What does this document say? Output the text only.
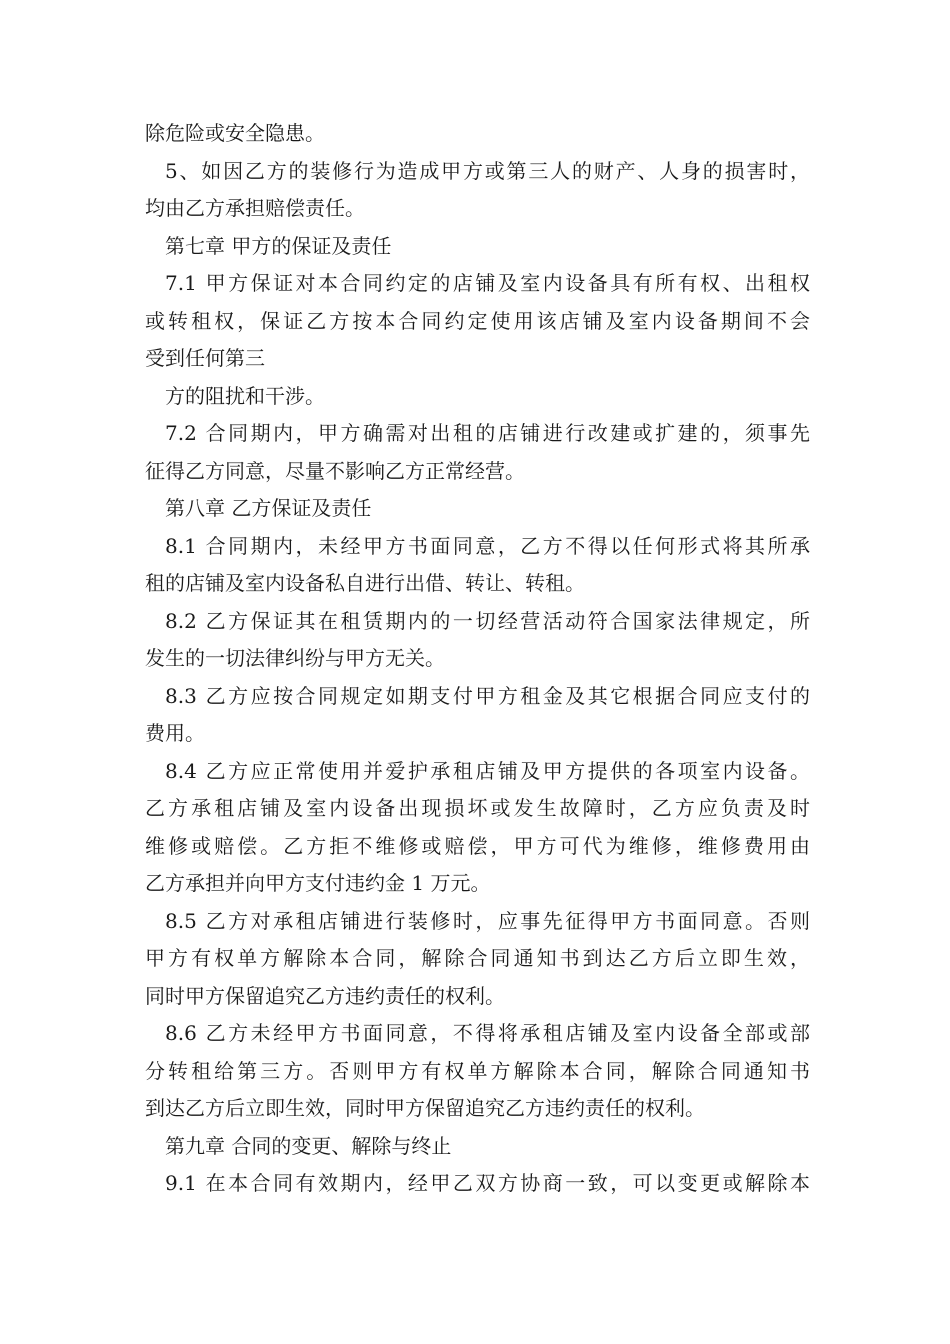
除危险或安全隐患。

5、如因乙方的装修行为造成甲方或第三人的财产、人身的损害时，

均由乙方承担赔偿责任。

第七章 甲方的保证及责任

7.1 甲方保证对本合同约定的店铺及室内设备具有所有权、出租权

或转租权，保证乙方按本合同约定使用该店铺及室内设备期间不会

受到任何第三

方的阻扰和干涉。

7.2 合同期内，甲方确需对出租的店铺进行改建或扩建的，须事先

征得乙方同意，尽量不影响乙方正常经营。

第八章 乙方保证及责任

8.1 合同期内，未经甲方书面同意，乙方不得以任何形式将其所承

租的店铺及室内设备私自进行出借、转让、转租。

8.2 乙方保证其在租赁期内的一切经营活动符合国家法律规定，所

发生的一切法律纠纷与甲方无关。

8.3 乙方应按合同规定如期支付甲方租金及其它根据合同应支付的

费用。

8.4 乙方应正常使用并爱护承租店铺及甲方提供的各项室内设备。

乙方承租店铺及室内设备出现损坏或发生故障时，乙方应负责及时

维修或赔偿。乙方拒不维修或赔偿，甲方可代为维修，维修费用由

乙方承担并向甲方支付违约金 1 万元。

8.5 乙方对承租店铺进行装修时，应事先征得甲方书面同意。否则

甲方有权单方解除本合同，解除合同通知书到达乙方后立即生效，

同时甲方保留追究乙方违约责任的权利。

8.6 乙方未经甲方书面同意，不得将承租店铺及室内设备全部或部

分转租给第三方。否则甲方有权单方解除本合同，解除合同通知书

到达乙方后立即生效，同时甲方保留追究乙方违约责任的权利。

第九章 合同的变更、解除与终止

9.1 在本合同有效期内，经甲乙双方协商一致，可以变更或解除本
